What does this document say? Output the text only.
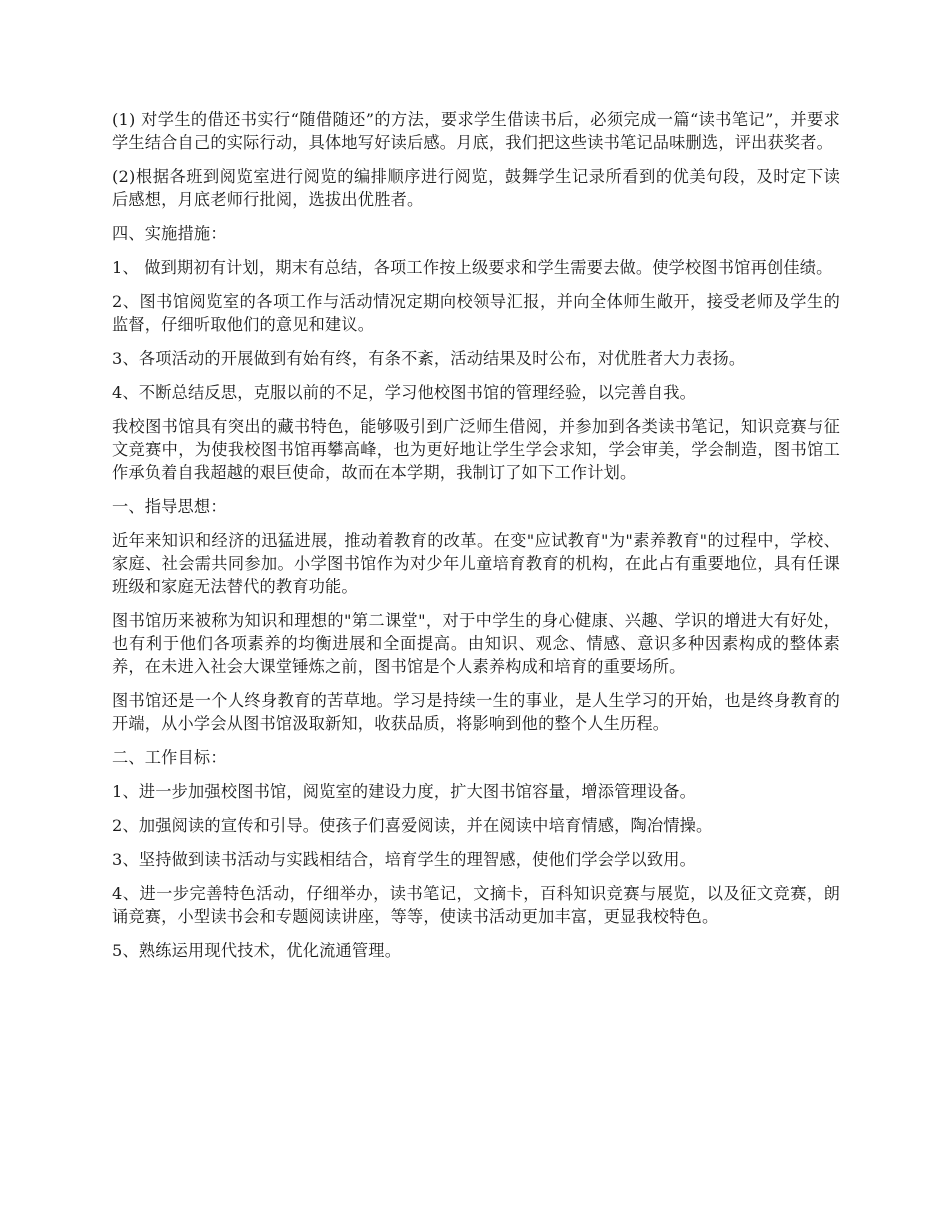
(1) 对学生的借还书实行“随借随还”的方法，要求学生借读书后，必须完成一篇“读书笔记”，并要求学生结合自己的实际行动，具体地写好读后感。月底，我们把这些读书笔记品味删选，评出获奖者。

(2)根据各班到阅览室进行阅览的编排顺序进行阅览，鼓舞学生记录所看到的优美句段，及时定下读后感想，月底老师行批阅，选拔出优胜者。

四、实施措施：

1、 做到期初有计划，期末有总结，各项工作按上级要求和学生需要去做。使学校图书馆再创佳绩。

2、图书馆阅览室的各项工作与活动情况定期向校领导汇报，并向全体师生敞开，接受老师及学生的监督，仔细听取他们的意见和建议。

3、各项活动的开展做到有始有终，有条不紊，活动结果及时公布，对优胜者大力表扬。

4、不断总结反思，克服以前的不足，学习他校图书馆的管理经验，以完善自我。

我校图书馆具有突出的藏书特色，能够吸引到广泛师生借阅，并参加到各类读书笔记，知识竞赛与征文竞赛中，为使我校图书馆再攀高峰，也为更好地让学生学会求知，学会审美，学会制造，图书馆工作承负着自我超越的艰巨使命，故而在本学期，我制订了如下工作计划。

一、指导思想：

近年来知识和经济的迅猛进展，推动着教育的改革。在变"应试教育"为"素养教育"的过程中，学校、家庭、社会需共同参加。小学图书馆作为对少年儿童培育教育的机构，在此占有重要地位，具有任课班级和家庭无法替代的教育功能。

图书馆历来被称为知识和理想的"第二课堂"，对于中学生的身心健康、兴趣、学识的增进大有好处，也有利于他们各项素养的均衡进展和全面提高。由知识、观念、情感、意识多种因素构成的整体素养，在未进入社会大课堂锤炼之前，图书馆是个人素养构成和培育的重要场所。

图书馆还是一个人终身教育的苦草地。学习是持续一生的事业，是人生学习的开始，也是终身教育的开端，从小学会从图书馆汲取新知，收获品质，将影响到他的整个人生历程。

二、工作目标：

1、进一步加强校图书馆，阅览室的建设力度，扩大图书馆容量，增添管理设备。

2、加强阅读的宣传和引导。使孩子们喜爱阅读，并在阅读中培育情感，陶冶情操。

3、坚持做到读书活动与实践相结合，培育学生的理智感，使他们学会学以致用。

4、进一步完善特色活动，仔细举办，读书笔记，文摘卡，百科知识竞赛与展览，以及征文竞赛，朗诵竞赛，小型读书会和专题阅读讲座，等等，使读书活动更加丰富，更显我校特色。

5、熟练运用现代技术，优化流通管理。
